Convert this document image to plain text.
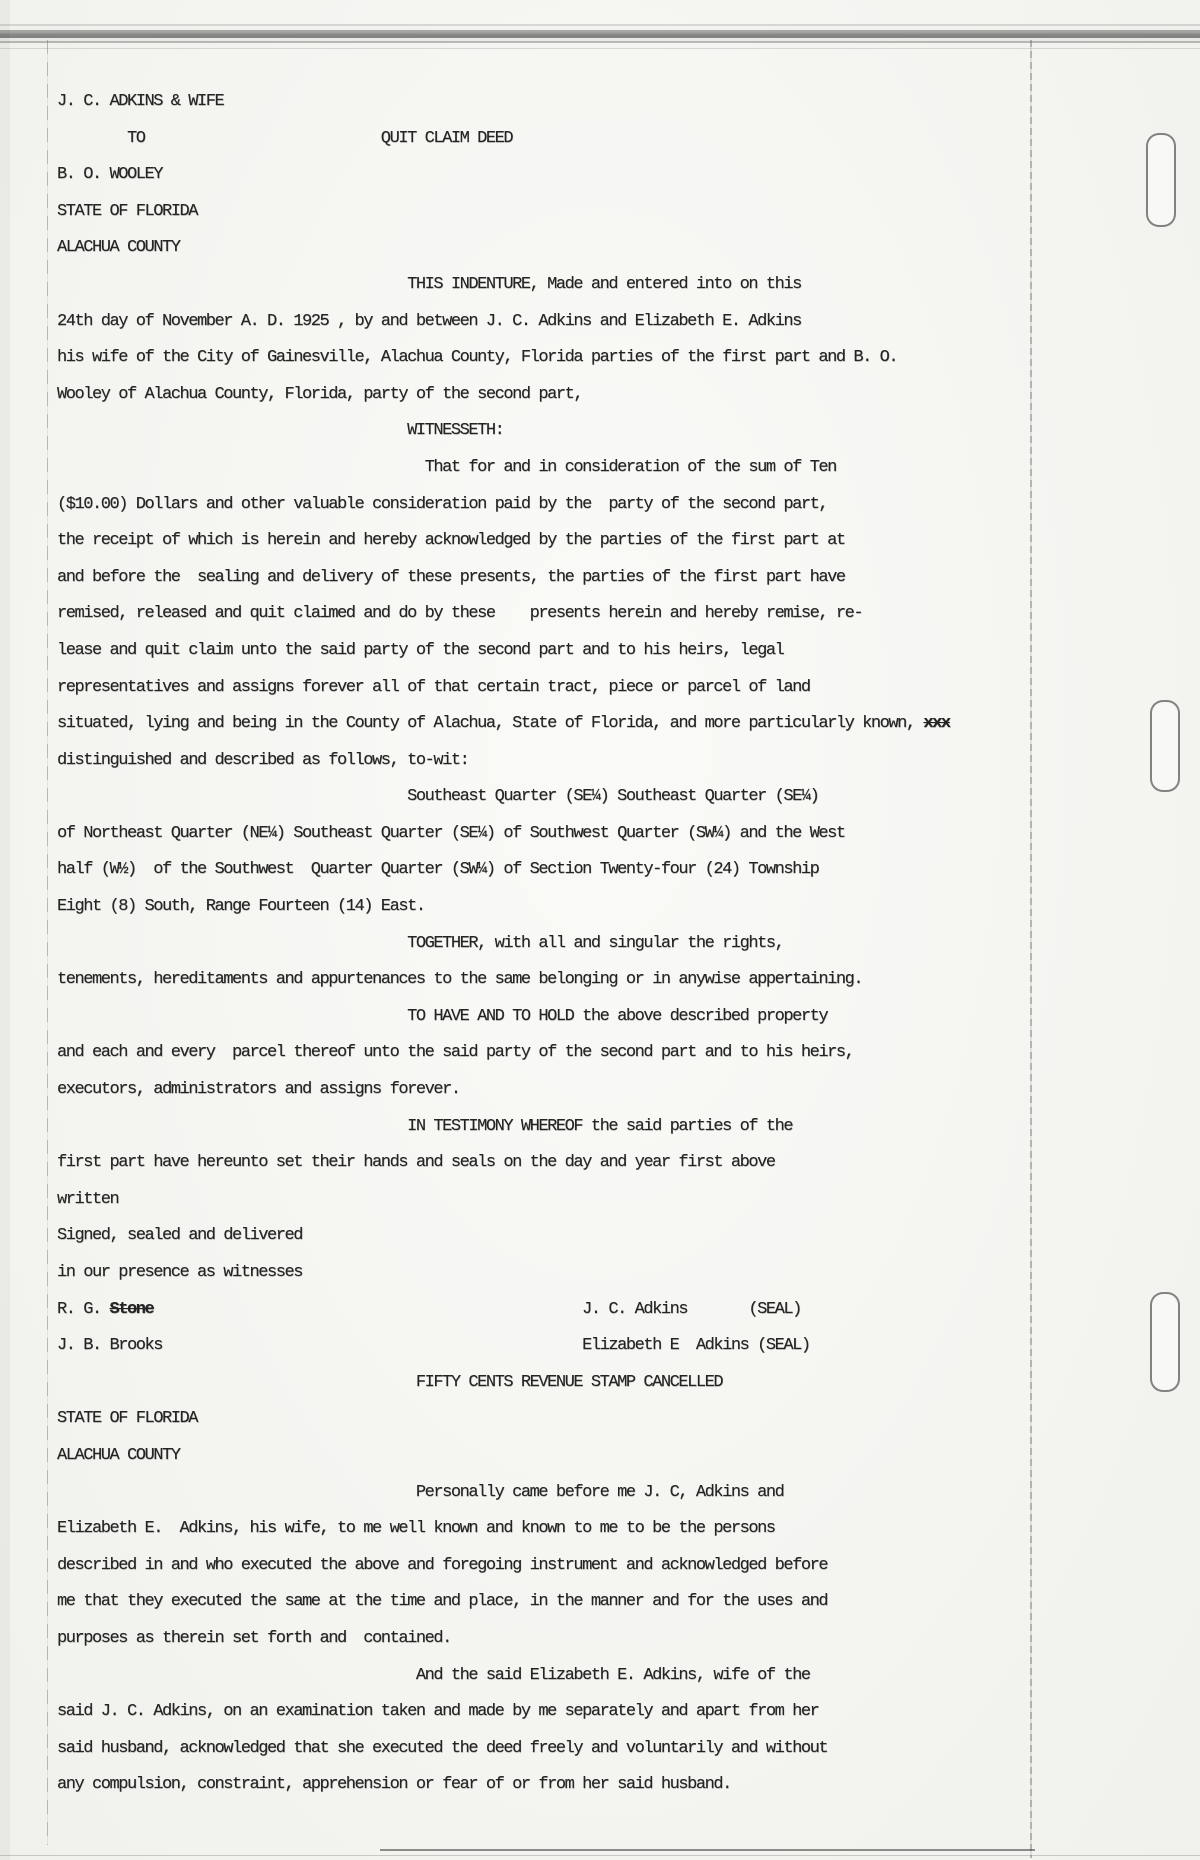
J. C. ADKINS & WIFE
TO                           QUIT CLAIM DEED
B. O. WOOLEY
STATE OF FLORIDA
ALACHUA COUNTY
THIS INDENTURE, Made and entered into on this
24th day of November A. D. 1925 , by and between J. C. Adkins and Elizabeth E. Adkins
his wife of the City of Gainesville, Alachua County, Florida parties of the first part and B. O.
Wooley of Alachua County, Florida, party of the second part,
WITNESSETH:
That for and in consideration of the sum of Ten
($10.00) Dollars and other valuable consideration paid by the  party of the second part,
the receipt of which is herein and hereby acknowledged by the parties of the first part at
and before the  sealing and delivery of these presents, the parties of the first part have
remised, released and quit claimed and do by these    presents herein and hereby remise, re-
lease and quit claim unto the said party of the second part and to his heirs, legal
representatives and assigns forever all of that certain tract, piece or parcel of land
situated, lying and being in the County of Alachua, State of Florida, and more particularly known, xxx
distinguished and described as follows, to-wit:
Southeast Quarter (SE¼) Southeast Quarter (SE¼)
of Northeast Quarter (NE¼) Southeast Quarter (SE¼) of Southwest Quarter (SW¼) and the West
half (W½)  of the Southwest  Quarter Quarter (SW¼) of Section Twenty-four (24) Township
Eight (8) South, Range Fourteen (14) East.
TOGETHER, with all and singular the rights,
tenements, hereditaments and appurtenances to the same belonging or in anywise appertaining.
TO HAVE AND TO HOLD the above described property
and each and every  parcel thereof unto the said party of the second part and to his heirs,
executors, administrators and assigns forever.
IN TESTIMONY WHEREOF the said parties of the
first part have hereunto set their hands and seals on the day and year first above
written
Signed, sealed and delivered
in our presence as witnesses
R. G. Stone                                                 J. C. Adkins       (SEAL)
J. B. Brooks                                                Elizabeth E  Adkins (SEAL)
FIFTY CENTS REVENUE STAMP CANCELLED
STATE OF FLORIDA
ALACHUA COUNTY
Personally came before me J. C, Adkins and
Elizabeth E.  Adkins, his wife, to me well known and known to me to be the persons
described in and who executed the above and foregoing instrument and acknowledged before
me that they executed the same at the time and place, in the manner and for the uses and
purposes as therein set forth and  contained.
And the said Elizabeth E. Adkins, wife of the
said J. C. Adkins, on an examination taken and made by me separately and apart from her
said husband, acknowledged that she executed the deed freely and voluntarily and without
any compulsion, constraint, apprehension or fear of or from her said husband.
